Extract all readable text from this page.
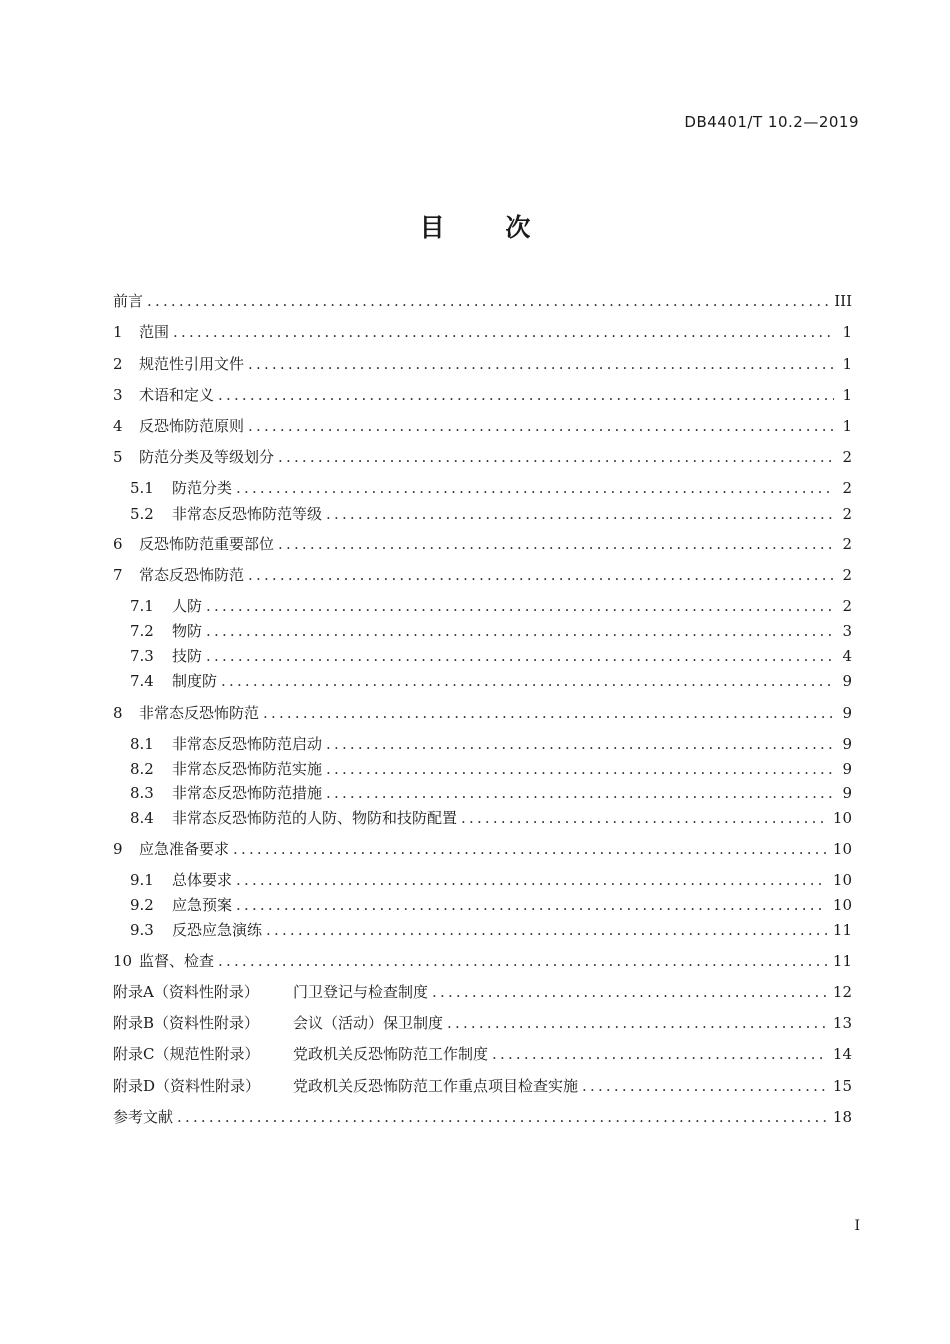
DB4401/T 10.2—2019
目 次
前言 .....	III
1	范围 .....	1
2	规范性引用文件 .....	1
3	术语和定义 .....	1
4	反恐怖防范原则 .....	1
5	防范分类及等级划分 .....	2
5.1	防范分类 .....	2
5.2	非常态反恐怖防范等级 .....	2
6	反恐怖防范重要部位 .....	2
7	常态反恐怖防范 .....	2
7.1	人防 .....	2
7.2	物防 .....	3
7.3	技防 .....	4
7.4	制度防 .....	9
8	非常态反恐怖防范 .....	9
8.1	非常态反恐怖防范启动 .....	9
8.2	非常态反恐怖防范实施 .....	9
8.3	非常态反恐怖防范措施 .....	9
8.4	非常态反恐怖防范的人防、物防和技防配置 .....	10
9	应急准备要求 .....	10
9.1	总体要求 .....	10
9.2	应急预案 .....	10
9.3	反恐应急演练 .....	11
10 监督、检查 .....	11
附录A（资料性附录）	门卫登记与检查制度 .....	12
附录B（资料性附录）	会议（活动）保卫制度 .....	13
附录C（规范性附录）	党政机关反恐怖防范工作制度 .....	14
附录D（资料性附录）	党政机关反恐怖防范工作重点项目检查实施 .....	15
参考文献 .....	18
I
